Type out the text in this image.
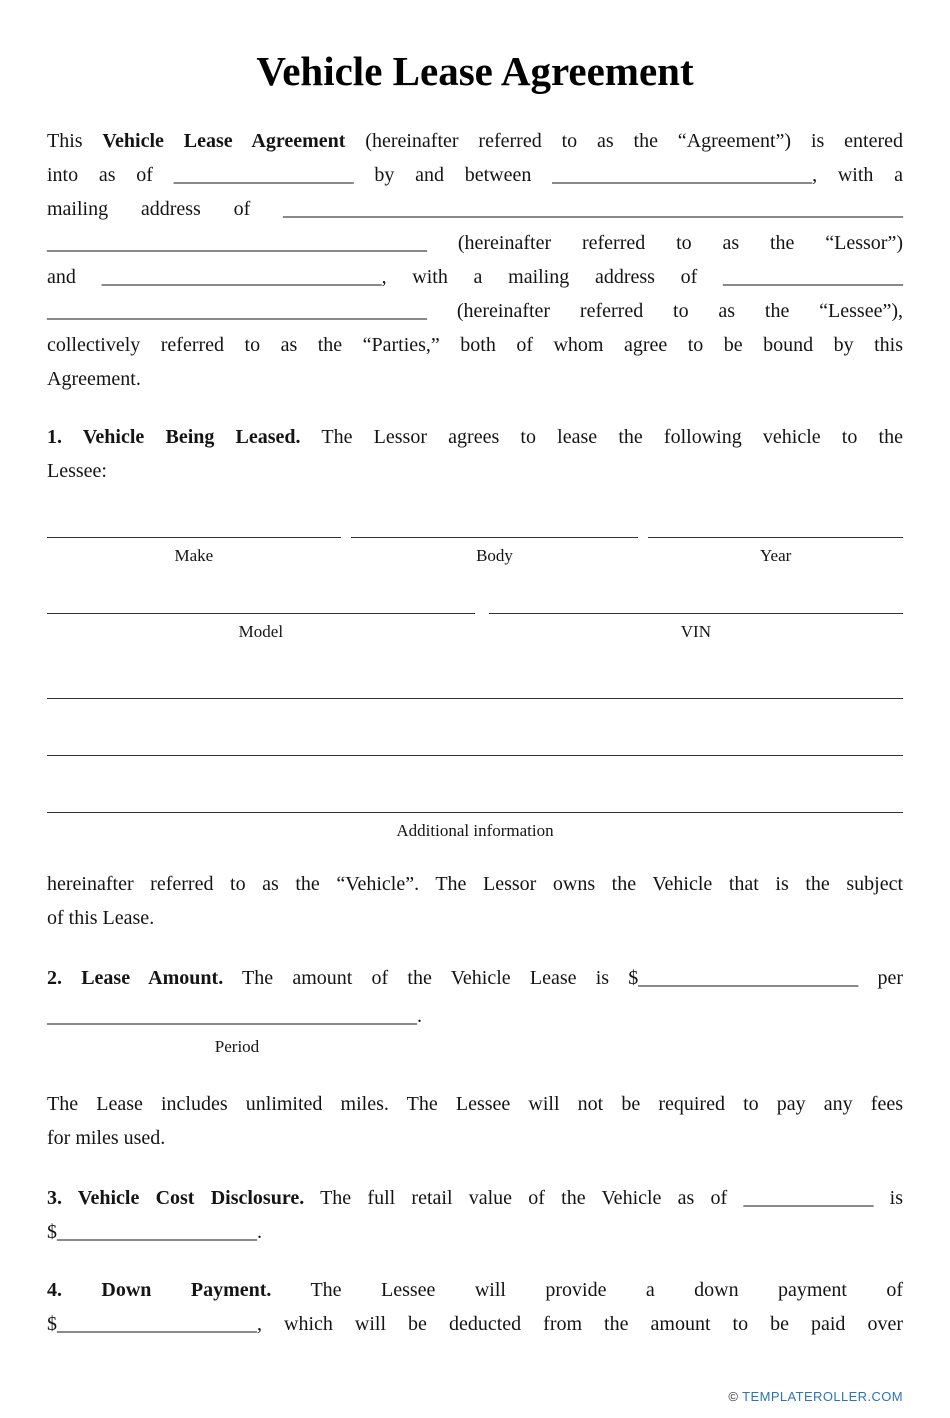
Vehicle Lease Agreement

This Vehicle Lease Agreement (hereinafter referred to as the “Agreement”) is entered
into as of __________________ by and between __________________________, with a
mailing address of ______________________________________________________________
______________________________________ (hereinafter referred to as the “Lessor”)
and ____________________________, with a mailing address of __________________
______________________________________ (hereinafter referred to as the “Lessee”),
collectively referred to as the “Parties,” both of whom agree to be bound by this
Agreement.

1. Vehicle Being Leased. The Lessor agrees to lease the following vehicle to the
Lessee:

Make	Body	Year
Model	VIN
Additional information

hereinafter referred to as the “Vehicle”. The Lessor owns the Vehicle that is the subject
of this Lease.

2. Lease Amount. The amount of the Vehicle Lease is $______________________ per

_____________________________________.
Period

The Lease includes unlimited miles. The Lessee will not be required to pay any fees
for miles used.

3. Vehicle Cost Disclosure. The full retail value of the Vehicle as of _____________ is
$____________________.

4. Down Payment. The Lessee will provide a down payment of
$____________________, which will be deducted from the amount to be paid over

© TEMPLATEROLLER.COM
